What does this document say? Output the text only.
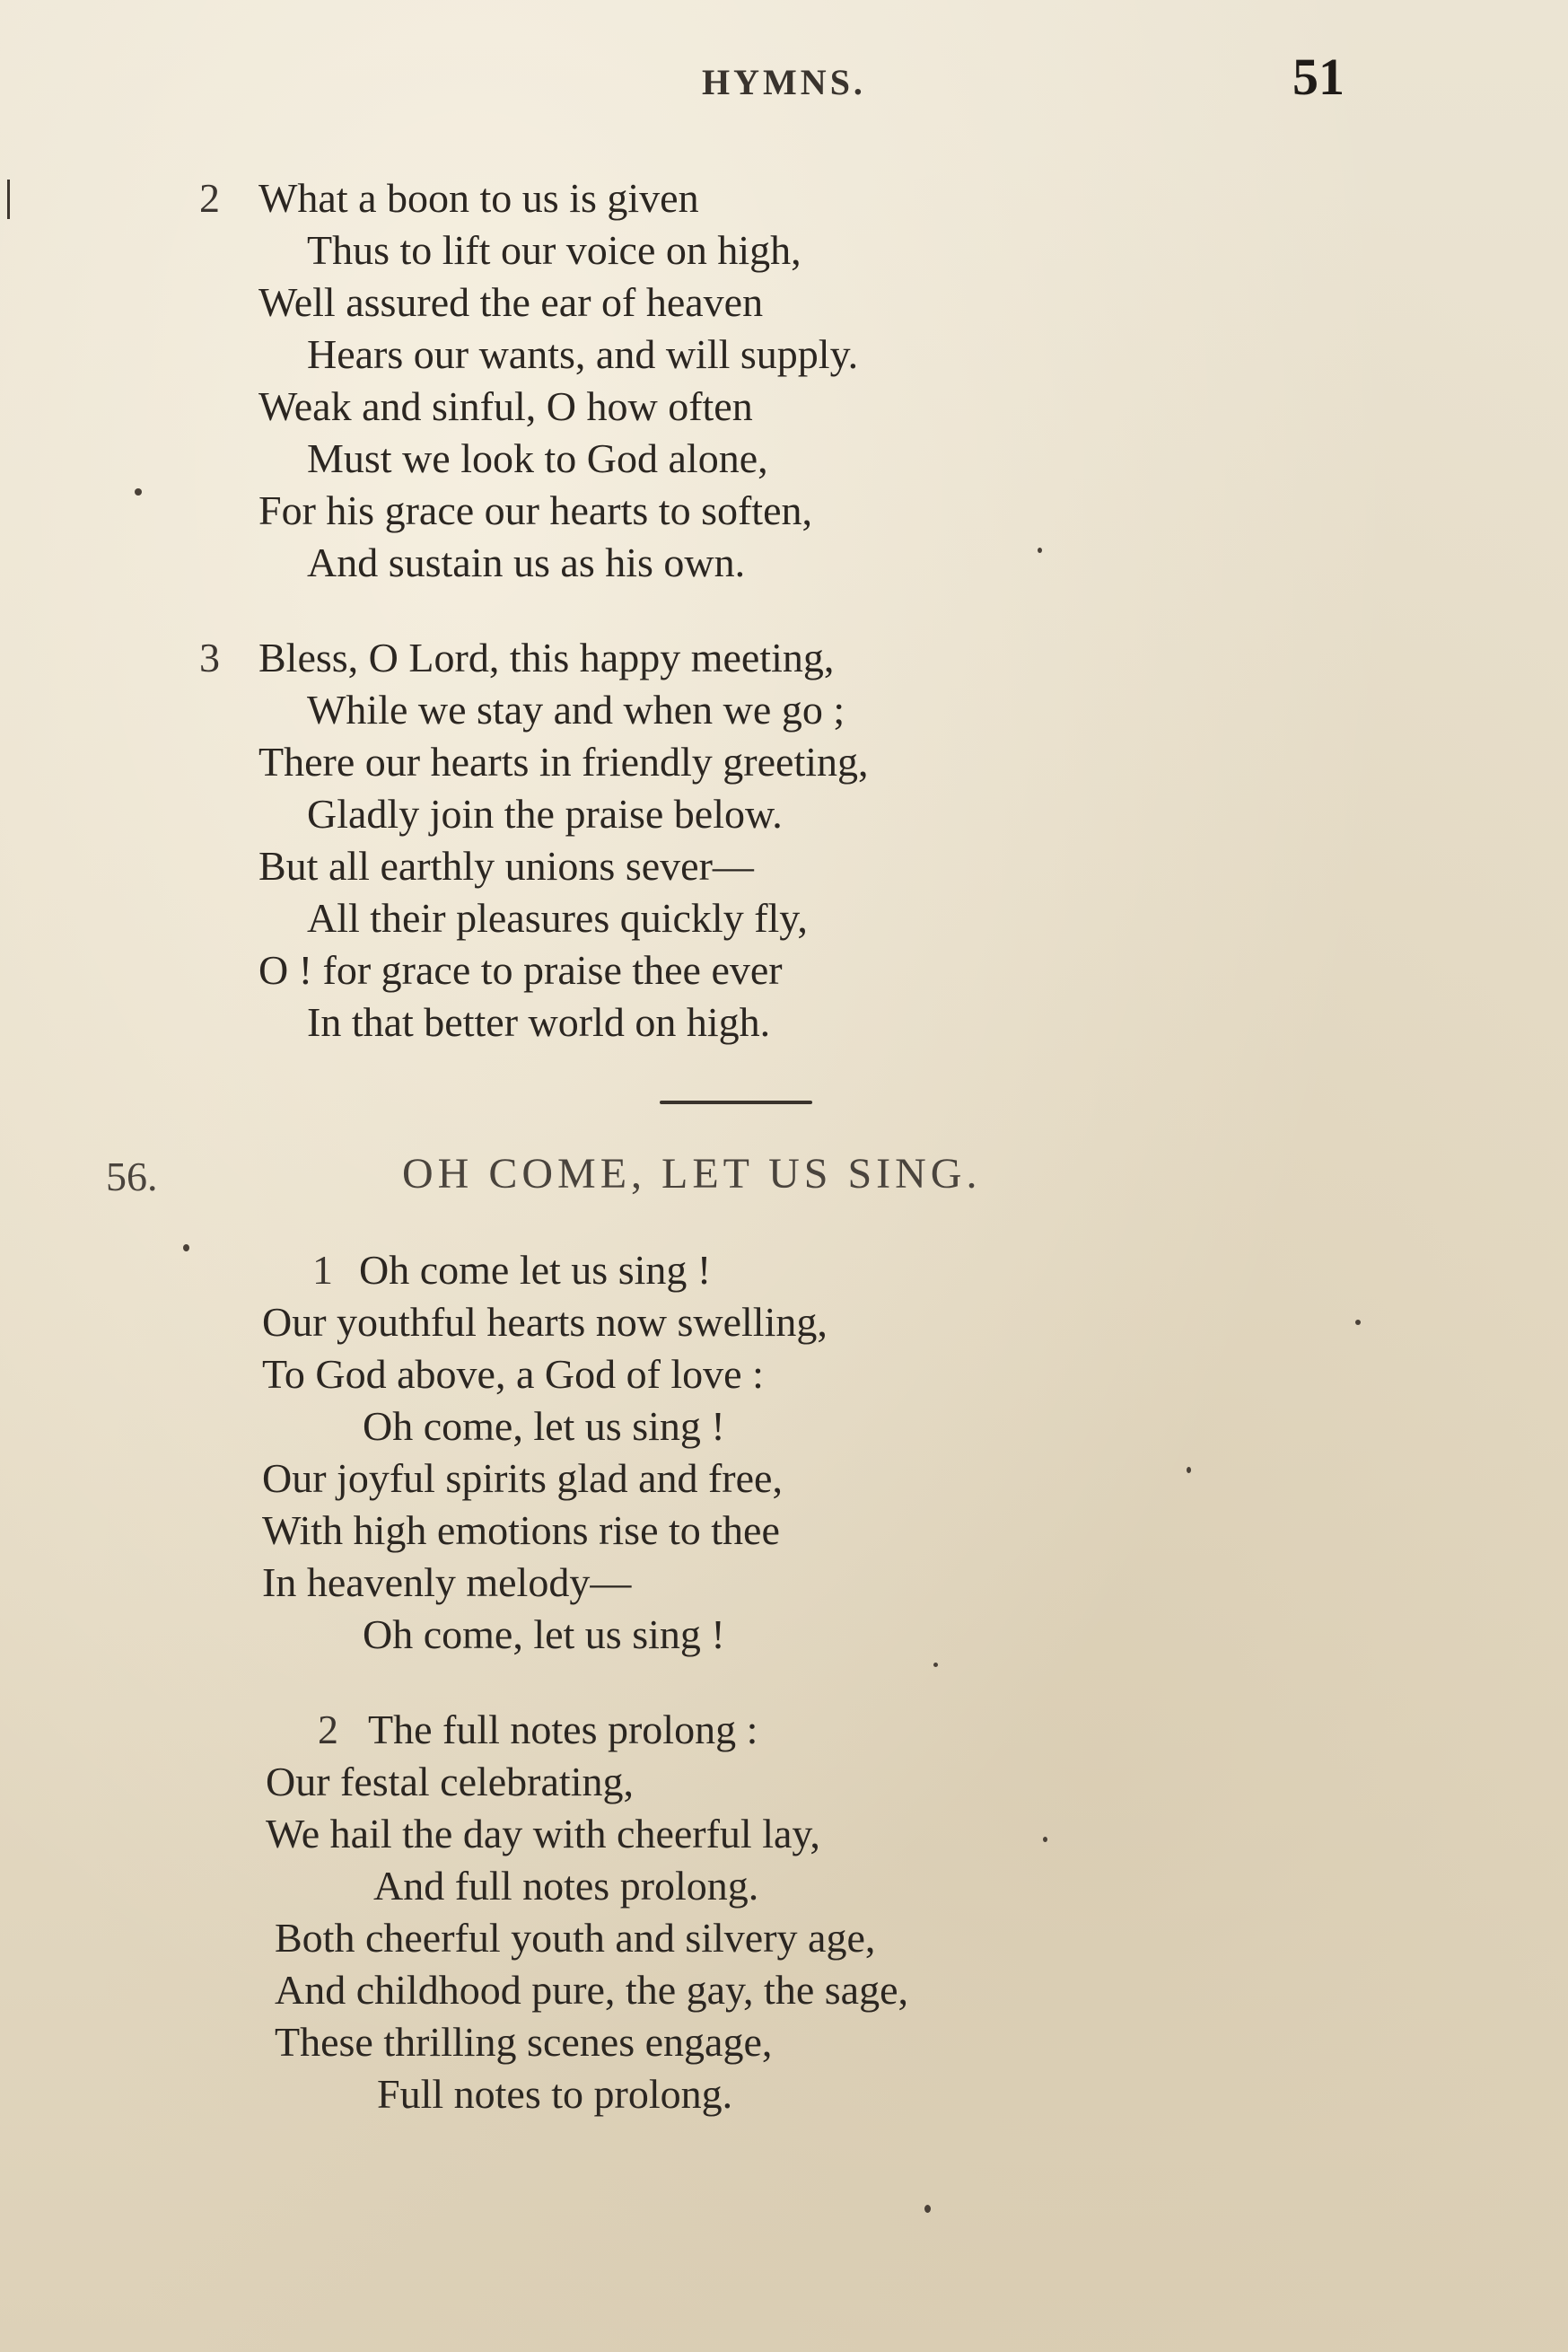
HYMNS.	51
2 What a boon to us is given
Thus to lift our voice on high,
Well assured the ear of heaven
Hears our wants, and will supply.
Weak and sinful, O how often
Must we look to God alone,
For his grace our hearts to soften,
And sustain us as his own.
3 Bless, O Lord, this happy meeting,
While we stay and when we go ;
There our hearts in friendly greeting,
Gladly join the praise below.
But all earthly unions sever—
All their pleasures quickly fly,
O ! for grace to praise thee ever
In that better world on high.
56.	OH COME, LET US SING.
1 Oh come let us sing !
Our youthful hearts now swelling,
To God above, a God of love :
Oh come, let us sing !
Our joyful spirits glad and free,
With high emotions rise to thee
In heavenly melody—
Oh come, let us sing !
2 The full notes prolong :
Our festal celebrating,
We hail the day with cheerful lay,
And full notes prolong.
Both cheerful youth and silvery age,
And childhood pure, the gay, the sage,
These thrilling scenes engage,
Full notes to prolong.
